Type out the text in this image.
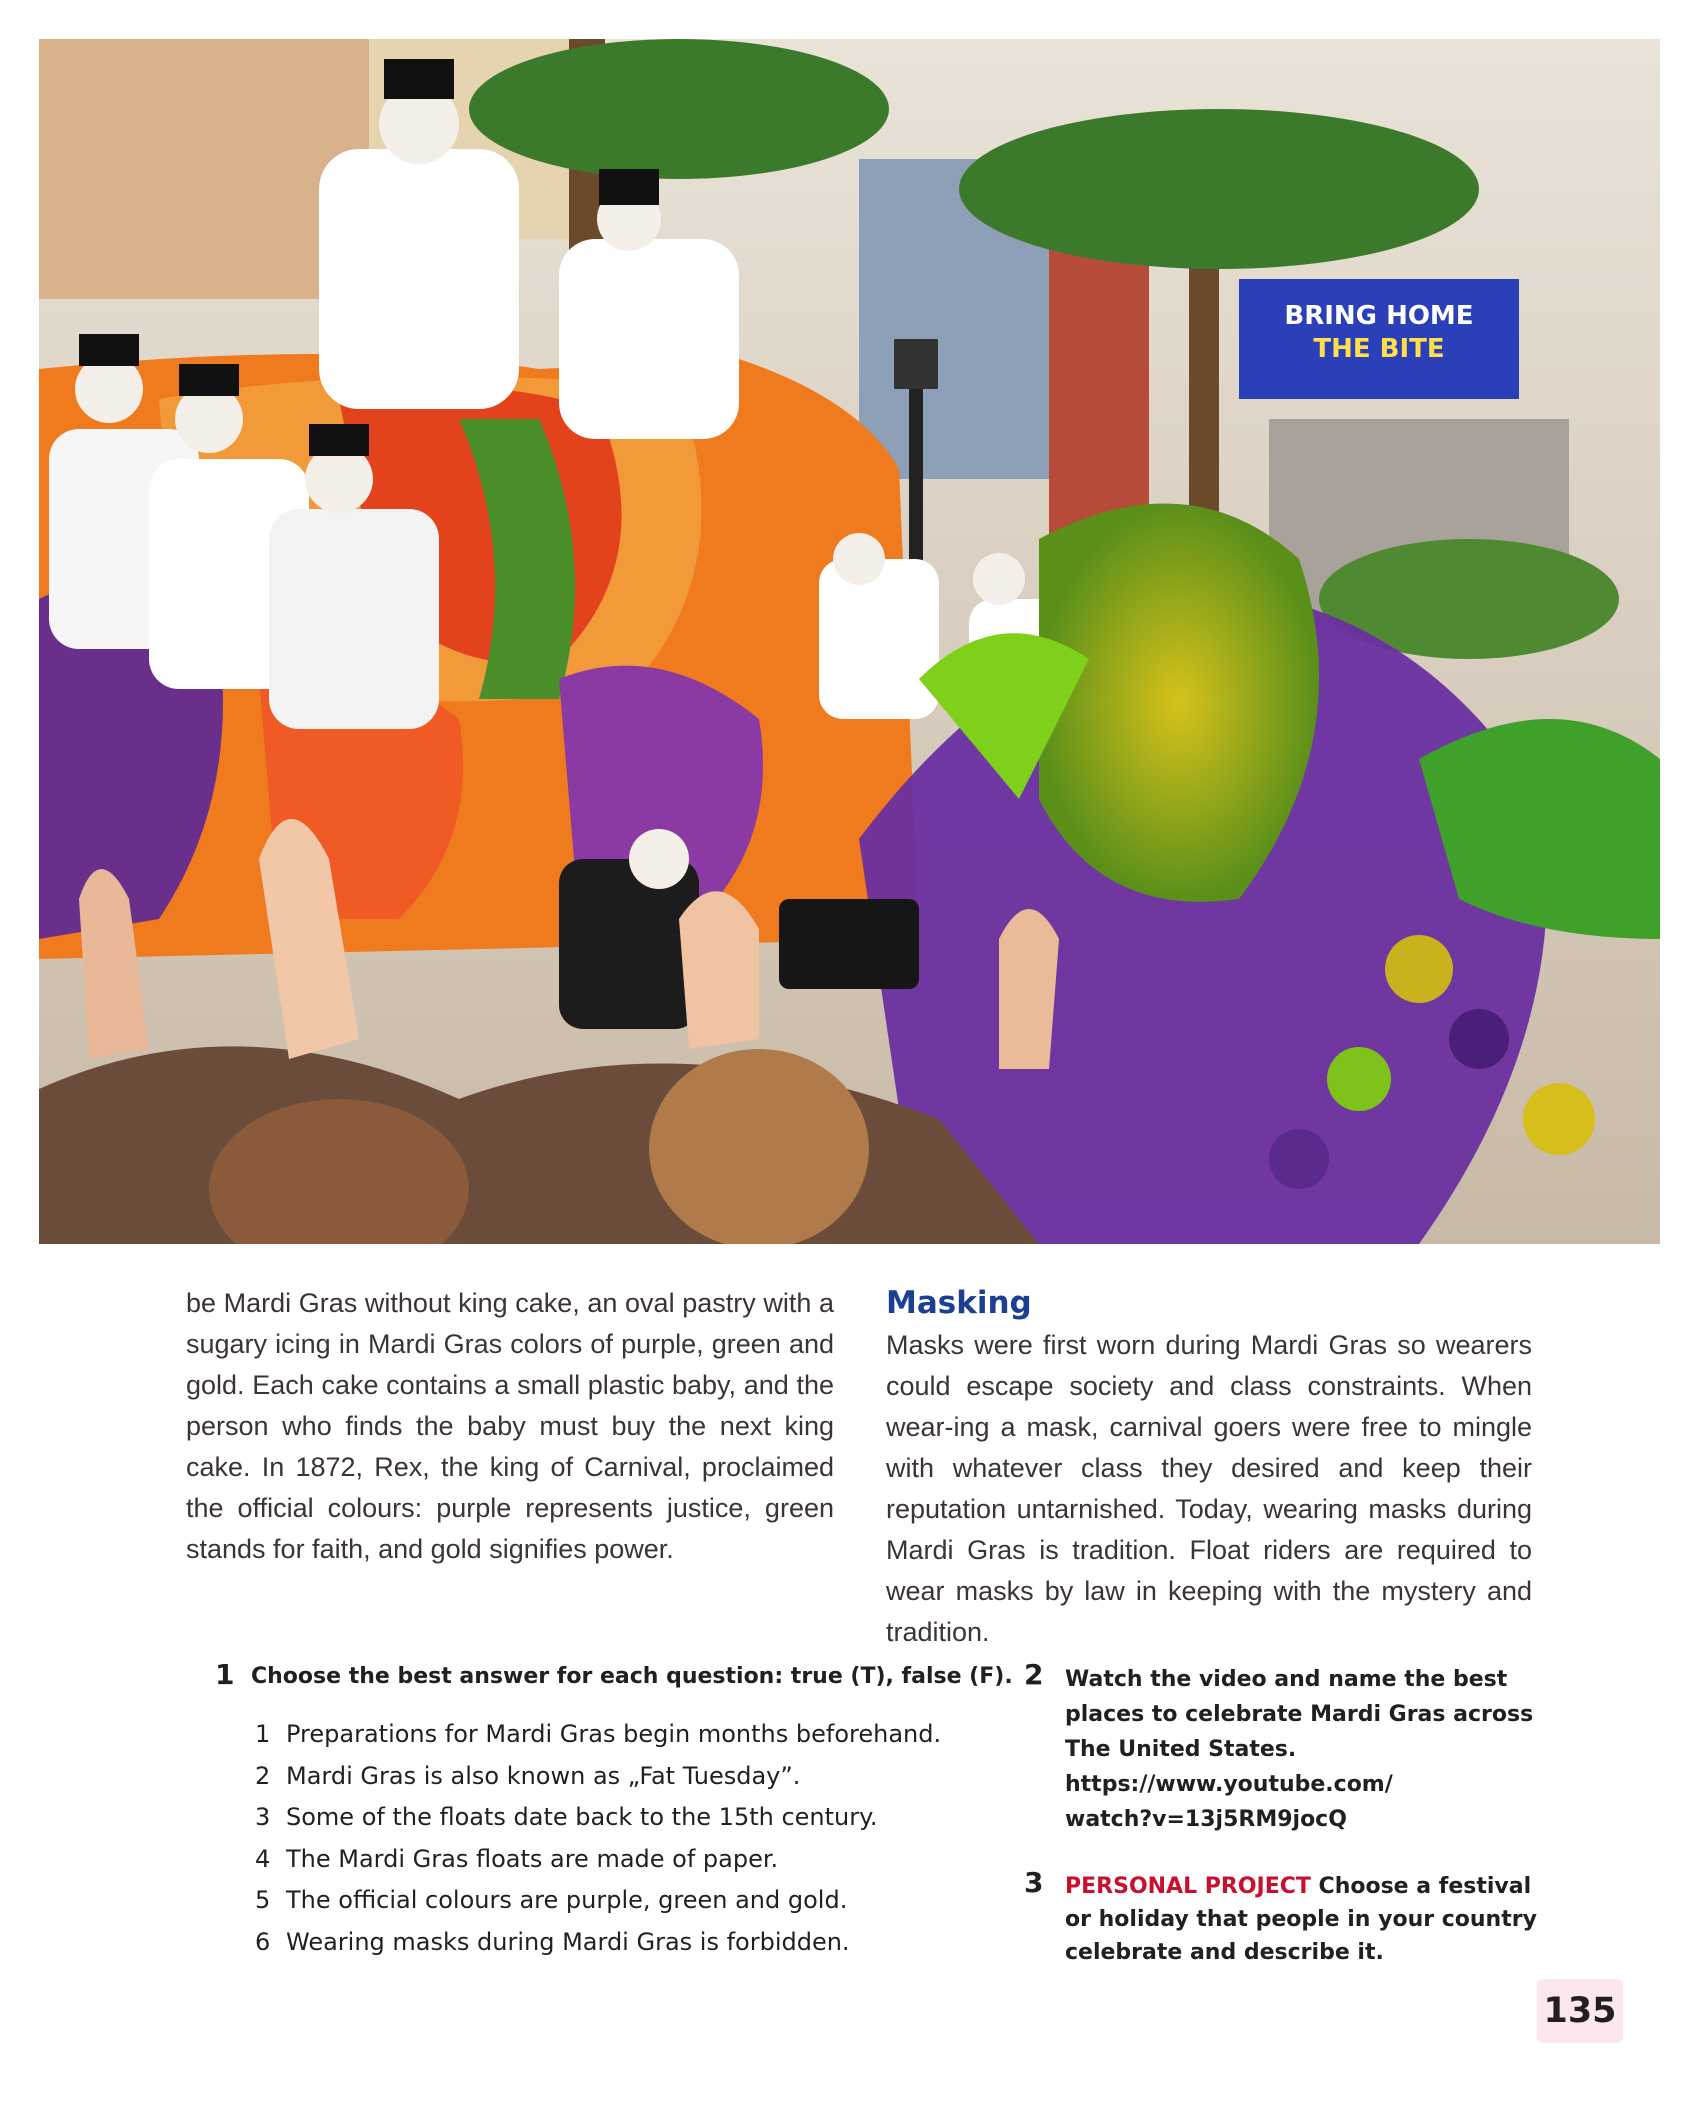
BRING HOME
THE BITE

be Mardi Gras without king cake, an oval pastry with a sugary icing in Mardi Gras colors of purple, green and gold. Each cake contains a small plastic baby, and the person who finds the baby must buy the next king cake. In 1872, Rex, the king of Carnival, proclaimed the official colours: purple represents justice, green stands for faith, and gold signifies power.

Masking

Masks were first worn during Mardi Gras so wearers could escape society and class constraints. When wear-ing a mask, carnival goers were free to mingle with whatever class they desired and keep their reputation untarnished. Today, wearing masks during Mardi Gras is tradition. Float riders are required to wear masks by law in keeping with the mystery and tradition.

1 Choose the best answer for each question: true (T), false (F).
1 Preparations for Mardi Gras begin months beforehand.
2 Mardi Gras is also known as „Fat Tuesday”.
3 Some of the floats date back to the 15th century.
4 The Mardi Gras floats are made of paper.
5 The official colours are purple, green and gold.
6 Wearing masks during Mardi Gras is forbidden.
2 Watch the video and name the best
places to celebrate Mardi Gras across
The United States.
https://www.youtube.com/
watch?v=13j5RM9jocQ
3 PERSONAL PROJECT Choose a festival
or holiday that people in your country
celebrate and describe it.
135
